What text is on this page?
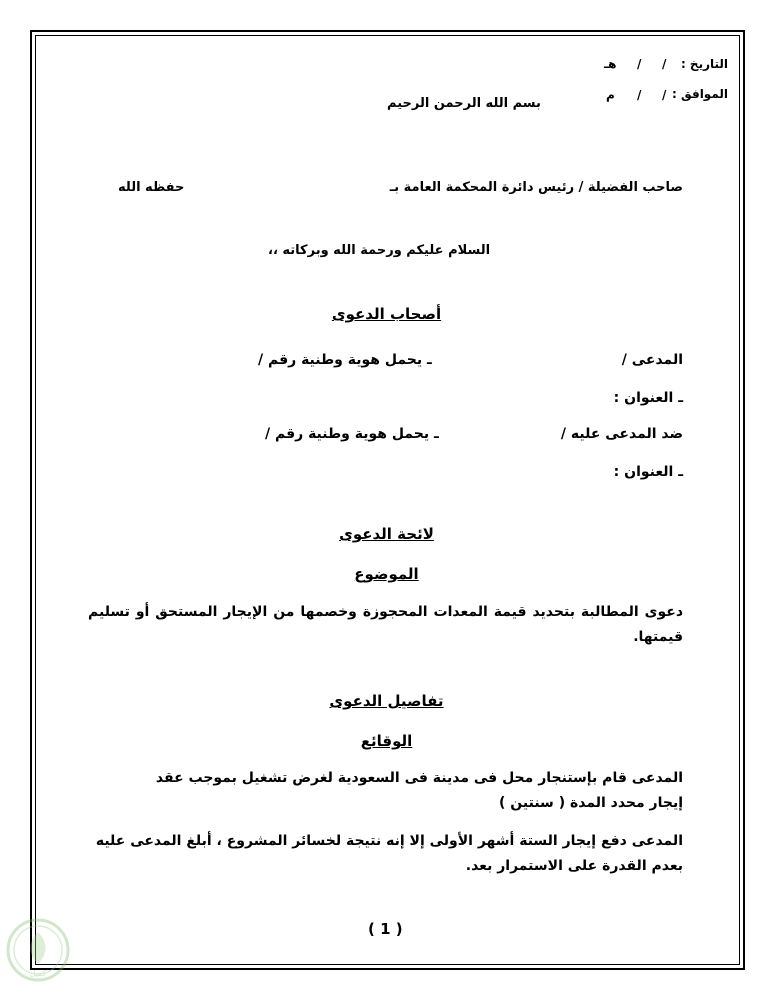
التاريخ :
/
/
هـ
الموافق :
/
/
م
بسم الله الرحمن الرحيم
صاحب الفضيلة / رئيس دائرة المحكمة العامة بـ
حفظه الله
السلام عليكم ورحمة الله وبركاته ،،
أصحاب الدعوى
المدعى /
ـ يحمل هوية وطنية رقم /
ـ العنوان :
ضد المدعى عليه /
ـ يحمل هوية وطنية رقم /
ـ العنوان :
لائحة الدعوى
الموضوع
دعوى المطالبة بتحديد قيمة المعدات المحجوزة وخصمها من الإيجار المستحق أو تسليم قيمتها.
تفاصيل الدعوى
الوقائع
المدعى قام بإستنجار محل فى مدينة فى السعودية لغرض تشغيل بموجب عقد
إيجار محدد المدة ( سنتين )
المدعى دفع إيجار الستة أشهر الأولى إلا إنه نتيجة لخسائر المشروع ، أبلغ المدعى عليه
بعدم القدرة على الاستمرار بعد.
( 1 )
كفيل
